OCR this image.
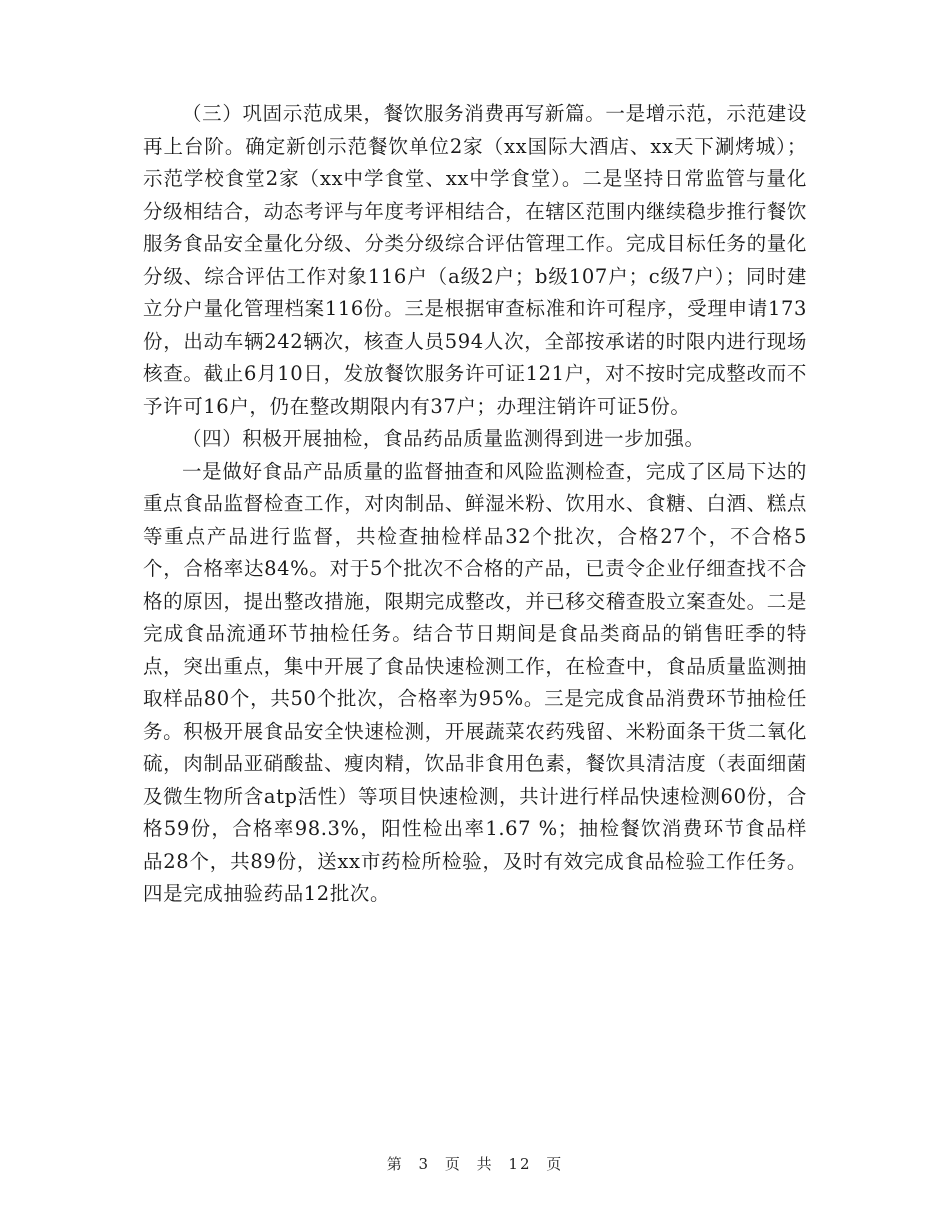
（三）巩固示范成果，餐饮服务消费再写新篇。一是增示范，示范建设再上台阶。确定新创示范餐饮单位2家（xx国际大酒店、xx天下涮烤城）；示范学校食堂2家（xx中学食堂、xx中学食堂）。二是坚持日常监管与量化分级相结合，动态考评与年度考评相结合，在辖区范围内继续稳步推行餐饮服务食品安全量化分级、分类分级综合评估管理工作。完成目标任务的量化分级、综合评估工作对象116户（a级2户；b级107户；c级7户）；同时建立分户量化管理档案116份。三是根据审查标准和许可程序，受理申请173份，出动车辆242辆次，核查人员594人次，全部按承诺的时限内进行现场核查。截止6月10日，发放餐饮服务许可证121户，对不按时完成整改而不予许可16户，仍在整改期限内有37户；办理注销许可证5份。

（四）积极开展抽检，食品药品质量监测得到进一步加强。

一是做好食品产品质量的监督抽查和风险监测检查，完成了区局下达的重点食品监督检查工作，对肉制品、鲜湿米粉、饮用水、食糖、白酒、糕点等重点产品进行监督，共检查抽检样品32个批次，合格27个，不合格5个，合格率达84%。对于5个批次不合格的产品，已责令企业仔细查找不合格的原因，提出整改措施，限期完成整改，并已移交稽查股立案查处。二是完成食品流通环节抽检任务。结合节日期间是食品类商品的销售旺季的特点，突出重点，集中开展了食品快速检测工作，在检查中，食品质量监测抽取样品80个，共50个批次，合格率为95%。三是完成食品消费环节抽检任务。积极开展食品安全快速检测，开展蔬菜农药残留、米粉面条干货二氧化硫，肉制品亚硝酸盐、瘦肉精，饮品非食用色素，餐饮具清洁度（表面细菌及微生物所含atp活性）等项目快速检测，共计进行样品快速检测60份，合格59份，合格率98.3%，阳性检出率1.67 %；抽检餐饮消费环节食品样品28个，共89份，送xx市药检所检验，及时有效完成食品检验工作任务。四是完成抽验药品12批次。

第 3 页 共 12 页
